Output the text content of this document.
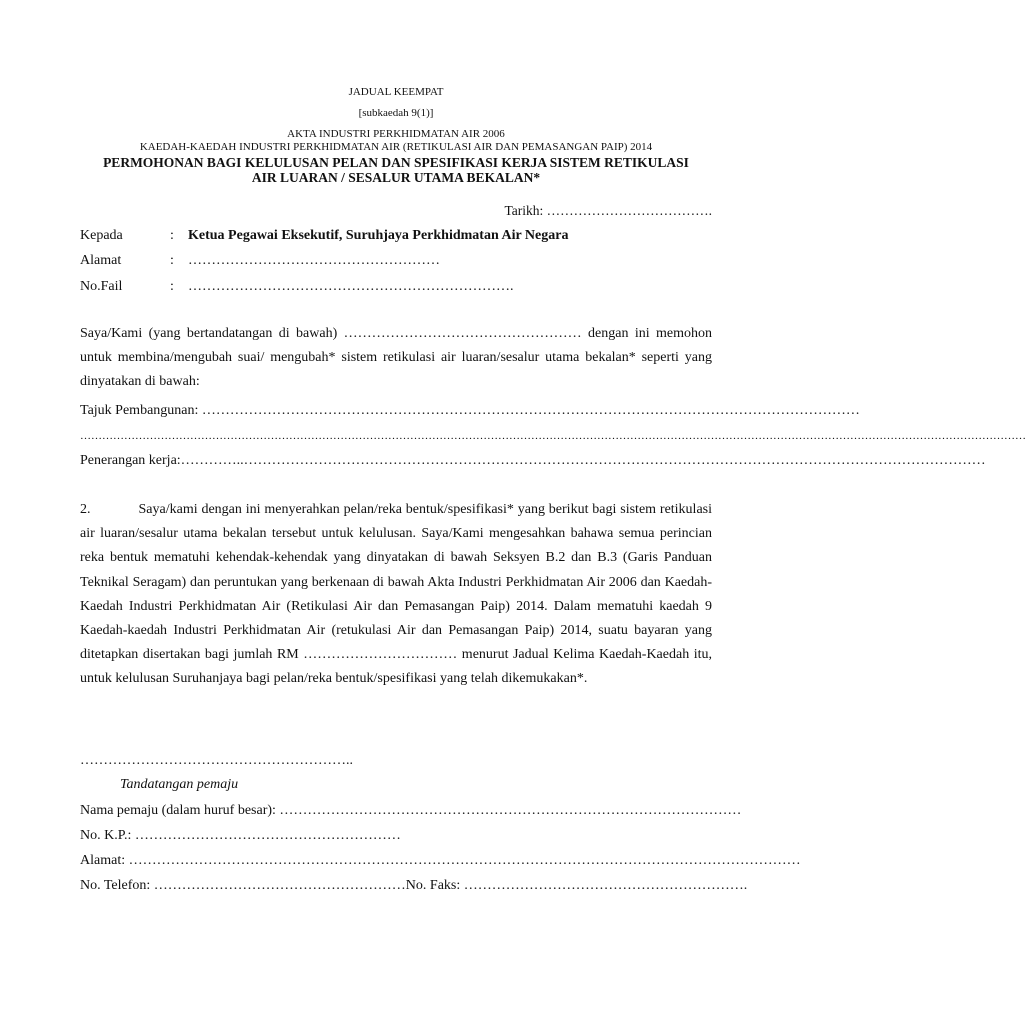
JADUAL KEEMPAT
[subkaedah 9(1)]
AKTA INDUSTRI PERKHIDMATAN AIR 2006
KAEDAH-KAEDAH INDUSTRI PERKHIDMATAN AIR (RETIKULASI AIR DAN PEMASANGAN PAIP) 2014
PERMOHONAN BAGI KELULUSAN PELAN DAN SPESIFIKASI KERJA SISTEM RETIKULASI
AIR LUARAN / SESALUR UTAMA BEKALAN*
Tarikh: ……………………………….
Kepada	: Ketua Pegawai Eksekutif, Suruhjaya Perkhidmatan Air Negara
Alamat	: ………………………………………………
No.Fail	: …………………………………………………………….
Saya/Kami (yang bertandatangan di bawah) …………………………………………… dengan ini memohon untuk membina/mengubah suai/ mengubah* sistem retikulasi air luaran/sesalur utama bekalan* seperti yang dinyatakan di bawah:
Tajuk Pembangunan: ……………………………………………………………………………………………………………………………
……………………………………………………………………………………………………………………………………………………………………………………………………………………………………
Penerangan kerja:…………..……………………………………………………………………………………………………………………………………………
2.	Saya/kami dengan ini menyerahkan pelan/reka bentuk/spesifikasi* yang berikut bagi sistem retikulasi air luaran/sesalur utama bekalan tersebut untuk kelulusan. Saya/Kami mengesahkan bahawa semua perincian reka bentuk mematuhi kehendak-kehendak yang dinyatakan di bawah Seksyen B.2 dan B.3 (Garis Panduan Teknikal Seragam) dan peruntukan yang berkenaan di bawah Akta Industri Perkhidmatan Air 2006 dan Kaedah-Kaedah Industri Perkhidmatan Air (Retikulasi Air dan Pemasangan Paip) 2014. Dalam mematuhi kaedah 9 Kaedah-kaedah Industri Perkhidmatan Air (retukulasi Air dan Pemasangan Paip) 2014, suatu bayaran yang ditetapkan disertakan bagi jumlah RM …………………………… menurut Jadual Kelima Kaedah-Kaedah itu, untuk kelulusan Suruhanjaya bagi pelan/reka bentuk/spesifikasi yang telah dikemukakan*.
…………………………………………………..
Tandatangan pemaju
Nama pemaju (dalam huruf besar): ………………………………………………………………………………………
No. K.P.: …………………………………………………
Alamat: ………………………………………………………………………………………………………………………………
No. Telefon: ………………………………………………No. Faks: …………………………………………………….
